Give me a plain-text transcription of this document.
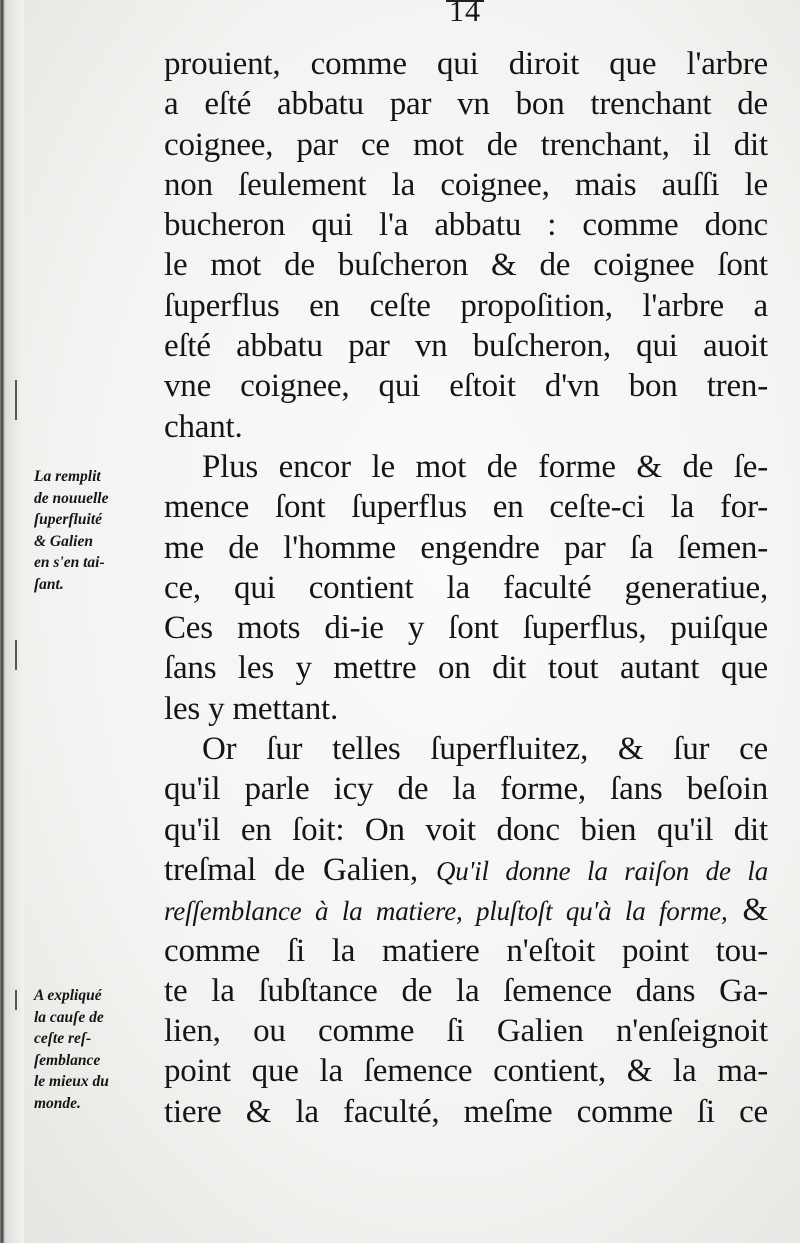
14
La remplit
de nouuelle
ſuperfluité
& Galien
en s'en tai-
ſant.
A expliqué
la cauſe de
ceſte reſ-
ſemblance
le mieux du
monde.
prouient, comme qui diroit que l'arbre
a eſté abbatu par vn bon trenchant de
coignee, par ce mot de trenchant, il dit
non ſeulement la coignee, mais auſſi le
bucheron qui l'a abbatu : comme donc
le mot de buſcheron & de coignee ſont
ſuperflus en ceſte propoſition, l'arbre a
eſté abbatu par vn buſcheron, qui auoit
vne coignee, qui eſtoit d'vn bon tren-
chant.
Plus encor le mot de forme & de ſe-
mence ſont ſuperflus en ceſte-ci la for-
me de l'homme engendre par ſa ſemen-
ce, qui contient la faculté generatiue,
Ces mots di-ie y ſont ſuperflus, puiſque
ſans les y mettre on dit tout autant que
les y mettant.
Or ſur telles ſuperfluitez, & ſur ce
qu'il parle icy de la forme, ſans beſoin
qu'il en ſoit: On voit donc bien qu'il dit
treſmal de Galien, Qu'il donne la raiſon de la
reſſemblance à la matiere, pluſtoſt qu'à la forme, &
comme ſi la matiere n'eſtoit point tou-
te la ſubſtance de la ſemence dans Ga-
lien, ou comme ſi Galien n'enſeignoit
point que la ſemence contient, & la ma-
tiere & la faculté, meſme comme ſi ce
